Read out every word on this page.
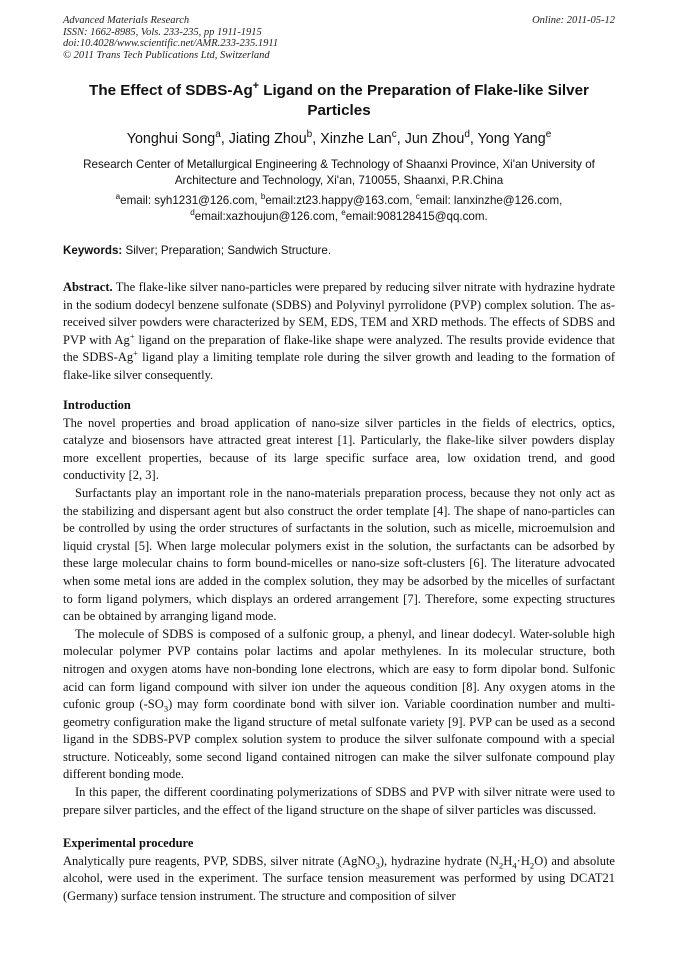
Advanced Materials Research
ISSN: 1662-8985, Vols. 233-235, pp 1911-1915
doi:10.4028/www.scientific.net/AMR.233-235.1911
© 2011 Trans Tech Publications Ltd, Switzerland
Online: 2011-05-12
The Effect of SDBS-Ag+ Ligand on the Preparation of Flake-like Silver Particles
Yonghui Song$^a$, Jiating Zhou$^b$, Xinzhe Lan$^c$, Jun Zhou$^d$, Yong Yang$^e$
Research Center of Metallurgical Engineering & Technology of Shaanxi Province, Xi'an University of Architecture and Technology, Xi'an, 710055, Shaanxi, P.R.China
$^a$email: syh1231@126.com, $^b$email:zt23.happy@163.com, $^c$email: lanxinzhe@126.com,
$^d$email:xazhoujun@126.com, $^e$email:908128415@qq.com.
Keywords: Silver; Preparation; Sandwich Structure.

Abstract. The flake-like silver nano-particles were prepared by reducing silver nitrate with hydrazine hydrate in the sodium dodecyl benzene sulfonate (SDBS) and Polyvinyl pyrrolidone (PVP) complex solution. The as-received silver powders were characterized by SEM, EDS, TEM and XRD methods. The effects of SDBS and PVP with Ag+ ligand on the preparation of flake-like shape were analyzed. The results provide evidence that the SDBS-Ag+ ligand play a limiting template role during the silver growth and leading to the formation of flake-like silver consequently.

Introduction

The novel properties and broad application of nano-size silver particles in the fields of electrics, optics, catalyze and biosensors have attracted great interest [1]. Particularly, the flake-like silver powders display more excellent properties, because of its large specific surface area, low oxidation trend, and good conductivity [2, 3].

Surfactants play an important role in the nano-materials preparation process, because they not only act as the stabilizing and dispersant agent but also construct the order template [4]. The shape of nano-particles can be controlled by using the order structures of surfactants in the solution, such as micelle, microemulsion and liquid crystal [5]. When large molecular polymers exist in the solution, the surfactants can be adsorbed by these large molecular chains to form bound-micelles or nano-size soft-clusters [6]. The literature advocated when some metal ions are added in the complex solution, they may be adsorbed by the micelles of surfactant to form ligand polymers, which displays an ordered arrangement [7]. Therefore, some expecting structures can be obtained by arranging ligand mode.

The molecule of SDBS is composed of a sulfonic group, a phenyl, and linear dodecyl. Water-soluble high molecular polymer PVP contains polar lactims and apolar methylenes. In its molecular structure, both nitrogen and oxygen atoms have non-bonding lone electrons, which are easy to form dipolar bond. Sulfonic acid can form ligand compound with silver ion under the aqueous condition [8]. Any oxygen atoms in the cufonic group $(-SO_3)$ may form coordinate bond with silver ion. Variable coordination number and multi-geometry configuration make the ligand structure of metal sulfonate variety [9]. PVP can be used as a second ligand in the SDBS-PVP complex solution system to produce the silver sulfonate compound with a special structure. Noticeably, some second ligand contained nitrogen can make the silver sulfonate compound play different bonding mode.

In this paper, the different coordinating polymerizations of SDBS and PVP with silver nitrate were used to prepare silver particles, and the effect of the ligand structure on the shape of silver particles was discussed.

Experimental procedure

Analytically pure reagents, PVP, SDBS, silver nitrate (AgNO$_3$), hydrazine hydrate $(N_2H_4\cdot H_2O)$ and absolute alcohol, were used in the experiment. The surface tension measurement was performed by using DCAT21 (Germany) surface tension instrument. The structure and composition of silver
